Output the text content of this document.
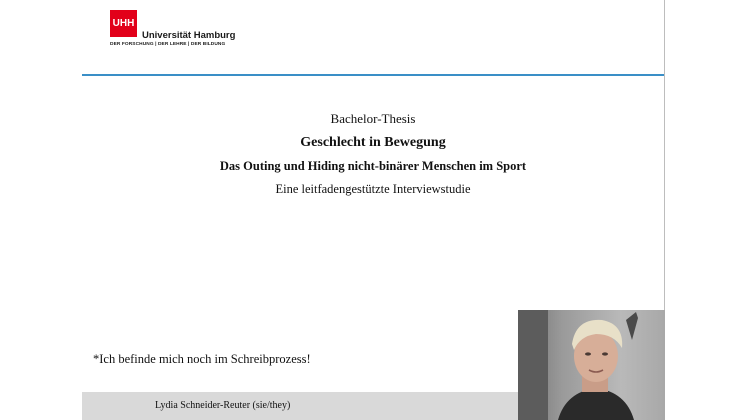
UHH
Universität Hamburg
DER FORSCHUNG | DER LEHRE | DER BILDUNG
Bachelor-Thesis
Geschlecht in Bewegung
Das Outing und Hiding nicht-binärer Menschen im Sport
Eine leitfadengestützte Interviewstudie
*Ich befinde mich noch im Schreibprozess!
Lydia Schneider-Reuter (sie/they)
